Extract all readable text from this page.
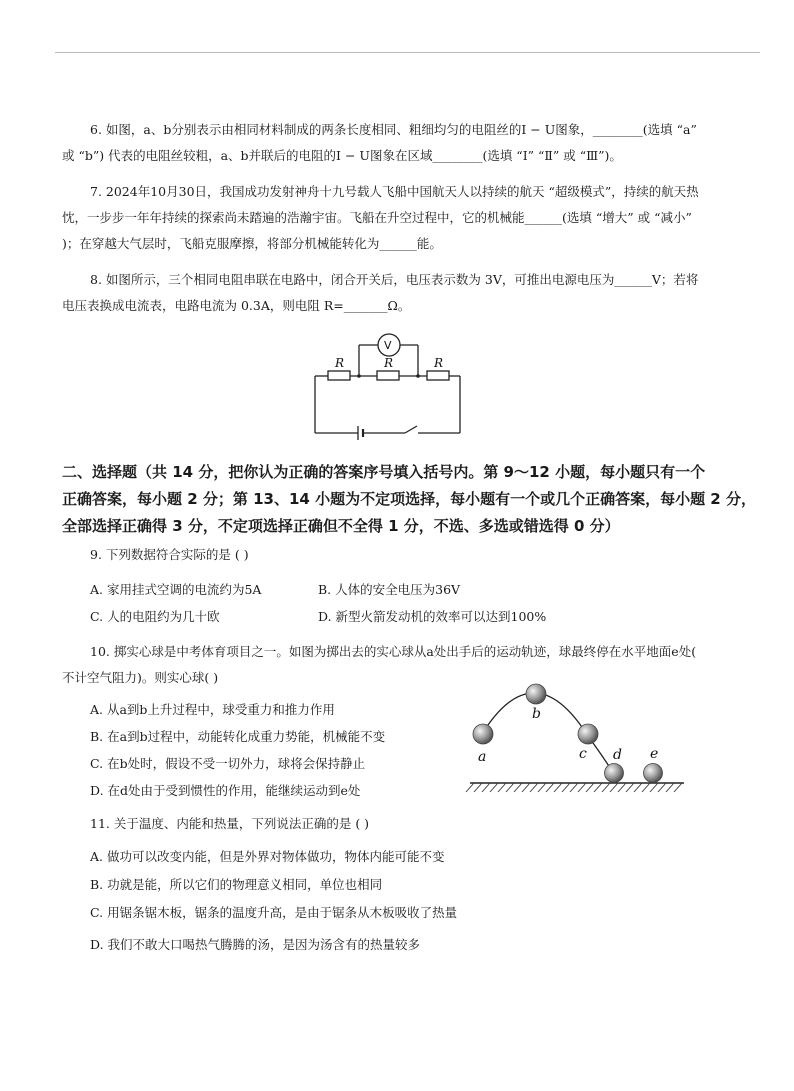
6. 如图，a、b分别表示由相同材料制成的两条长度相同、粗细均匀的电阻丝的I − U图象，________(选填 “a”
或 “b”) 代表的电阻丝较粗，a、b并联后的电阻的I − U图象在区域________(选填 “Ⅰ” “Ⅱ” 或 “Ⅲ”)。
7. 2024年10月30日，我国成功发射神舟十九号载人飞船中国航天人以持续的航天 “超级模式”，持续的航天热
忱，一步步一年年持续的探索尚未踏遍的浩瀚宇宙。飞船在升空过程中，它的机械能______(选填 “增大” 或 “减小”
)；在穿越大气层时，飞船克服摩擦，将部分机械能转化为______能。
8. 如图所示，三个相同电阻串联在电路中，闭合开关后，电压表示数为 3V，可推出电源电压为______V；若将
电压表换成电流表，电路电流为 0.3A，则电阻 R=_______Ω。
R	R	R
V
二、选择题（共 14 分，把你认为正确的答案序号填入括号内。第 9～12 小题，每小题只有一个
正确答案，每小题 2 分；第 13、14 小题为不定项选择，每小题有一个或几个正确答案，每小题 2 分，
全部选择正确得 3 分，不定项选择正确但不全得 1 分，不选、多选或错选得 0 分）
9. 下列数据符合实际的是 ( )
A. 家用挂式空调的电流约为5A	B. 人体的安全电压为36V
C. 人的电阻约为几十欧	D. 新型火箭发动机的效率可以达到100%
10. 掷实心球是中考体育项目之一。如图为掷出去的实心球从a处出手后的运动轨迹，球最终停在水平地面e处(
不计空气阻力)。则实心球( )
A. 从a到b上升过程中，球受重力和推力作用
B. 在a到b过程中，动能转化成重力势能，机械能不变
C. 在b处时，假设不受一切外力，球将会保持静止
D. 在d处由于受到惯性的作用，能继续运动到e处
a
b
c d e
11. 关于温度、内能和热量，下列说法正确的是 ( )
A. 做功可以改变内能，但是外界对物体做功，物体内能可能不变
B. 功就是能，所以它们的物理意义相同，单位也相同
C. 用锯条锯木板，锯条的温度升高，是由于锯条从木板吸收了热量
D. 我们不敢大口喝热气腾腾的汤，是因为汤含有的热量较多
